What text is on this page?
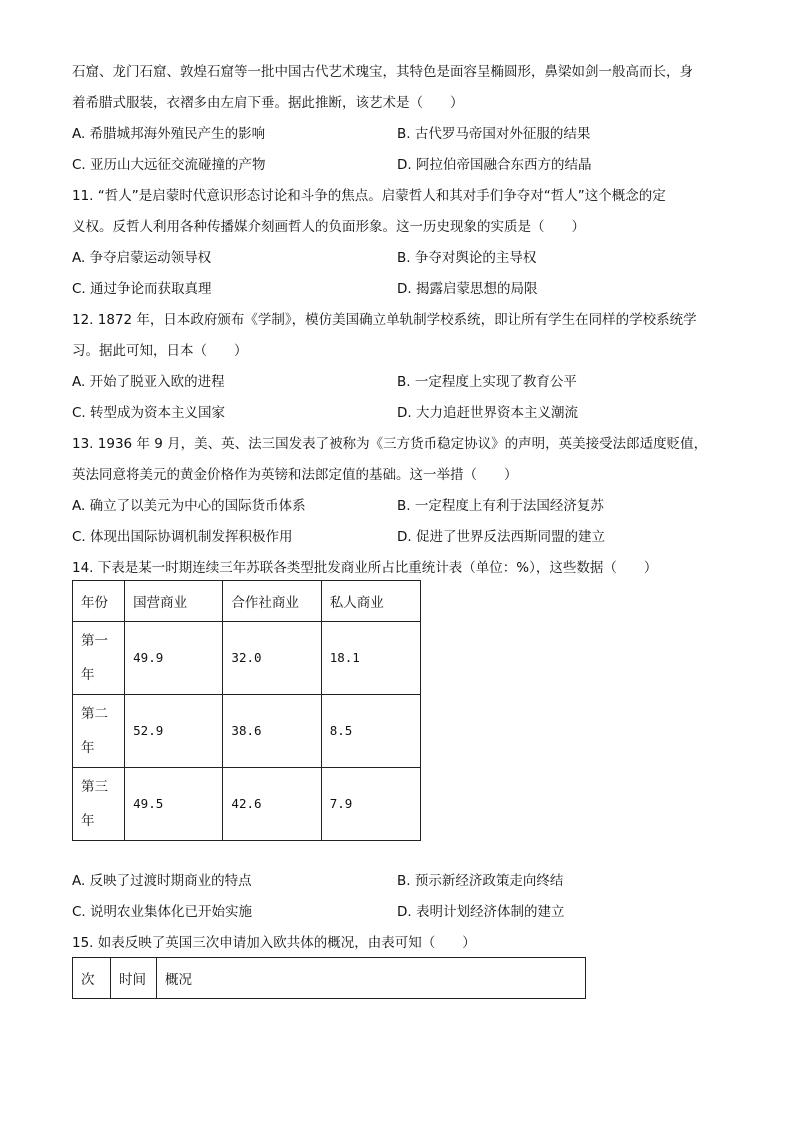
石窟、龙门石窟、敦煌石窟等一批中国古代艺术瑰宝，其特色是面容呈椭圆形，鼻梁如剑一般高而长，身

着希腊式服装，衣褶多由左肩下垂。据此推断，该艺术是（　　）

A. 希腊城邦海外殖民产生的影响	B. 古代罗马帝国对外征服的结果
C. 亚历山大远征交流碰撞的产物	D. 阿拉伯帝国融合东西方的结晶

11. “哲人”是启蒙时代意识形态讨论和斗争的焦点。启蒙哲人和其对手们争夺对“哲人”这个概念的定

义权。反哲人利用各种传播媒介刻画哲人的负面形象。这一历史现象的实质是（　　）

A. 争夺启蒙运动领导权	B. 争夺对舆论的主导权
C. 通过争论而获取真理	D. 揭露启蒙思想的局限

12. 1872 年，日本政府颁布《学制》，模仿美国确立单轨制学校系统，即让所有学生在同样的学校系统学

习。据此可知，日本（　　）

A. 开始了脱亚入欧的进程	B. 一定程度上实现了教育公平
C. 转型成为资本主义国家	D. 大力追赶世界资本主义潮流

13. 1936 年 9 月，美、英、法三国发表了被称为《三方货币稳定协议》的声明，英美接受法郎适度贬值，

英法同意将美元的黄金价格作为英镑和法郎定值的基础。这一举措（　　）

A. 确立了以美元为中心的国际货币体系	B. 一定程度上有利于法国经济复苏
C. 体现出国际协调机制发挥积极作用	D. 促进了世界反法西斯同盟的建立

14. 下表是某一时期连续三年苏联各类型批发商业所占比重统计表（单位：%），这些数据（　　）

年份	国营商业	合作社商业	私人商业
第一
年	49.9	32.0	18.1
第二
年	52.9	38.6	8.5
第三
年	49.5	42.6	7.9
A. 反映了过渡时期商业的特点	B. 预示新经济政策走向终结
C. 说明农业集体化已开始实施	D. 表明计划经济体制的建立

15. 如表反映了英国三次申请加入欧共体的概况，由表可知（　　）

次	时间	概况
